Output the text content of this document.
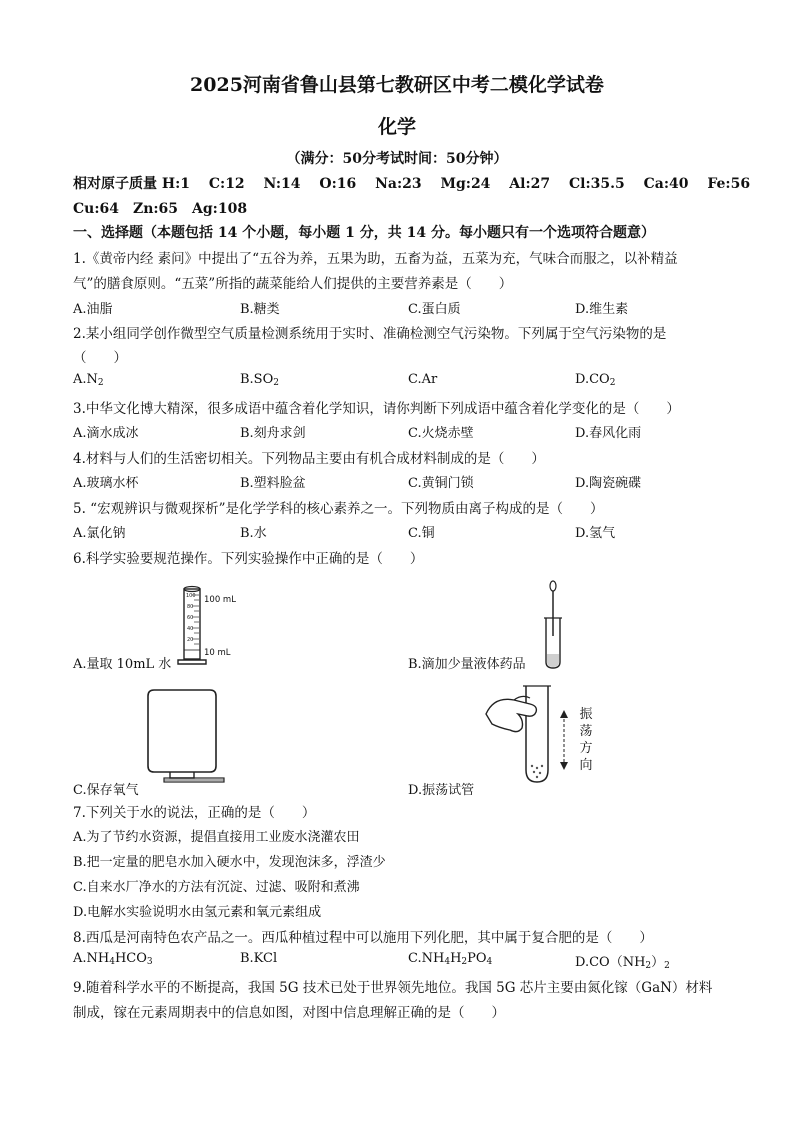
2025河南省鲁山县第七教研区中考二模化学试卷
化学
（满分：50分考试时间：50分钟）
相对原子质量 H:1　 C:12　 N:14　 O:16　 Na:23　 Mg:24　 Al:27　 Cl:35.5　 Ca:40　 Fe:56
Cu:64　Zn:65　Ag:108
一、选择题（本题包括 14 个小题，每小题 1 分，共 14 分。每小题只有一个选项符合题意）
1.《黄帝内经 素问》中提出了“五谷为养，五果为助，五畜为益，五菜为充，气味合而服之，以补精益
气”的膳食原则。“五菜”所指的蔬菜能给人们提供的主要营养素是（　　）
A.油脂	B.糖类	C.蛋白质	D.维生素
2.某小组同学创作微型空气质量检测系统用于实时、准确检测空气污染物。下列属于空气污染物的是
（　　）
$A.N_2$	$B.SO_2$	C.Ar	$D.CO_2$
3.中华文化博大精深，很多成语中蕴含着化学知识，请你判断下列成语中蕴含着化学变化的是（　　）
A.滴水成冰	B.刻舟求剑	C.火烧赤壁	D.春风化雨
4.材料与人们的生活密切相关。下列物品主要由有机合成材料制成的是（　　）
A.玻璃水杯	B.塑料脸盆	C.黄铜门锁	D.陶瓷碗碟
5. “宏观辨识与微观探析”是化学学科的核心素养之一。下列物质由离子构成的是（　　）
A.氯化钠	B.水	C.铜	D.氢气
6.科学实验要规范操作。下列实验操作中正确的是（　　）
100
80
60
40
20
100 mL
10 mL
A.量取 10mL 水	B.滴加少量液体药品
C.保存氧气
振
荡
方
向
D.振荡试管
7.下列关于水的说法，正确的是（　　）
A.为了节约水资源，提倡直接用工业废水浇灌农田
B.把一定量的肥皂水加入硬水中，发现泡沫多，浮渣少
C.自来水厂净水的方法有沉淀、过滤、吸附和煮沸
D.电解水实验说明水由氢元素和氧元素组成
8.西瓜是河南特色农产品之一。西瓜种植过程中可以施用下列化肥，其中属于复合肥的是（　　）
$A.NH_4HCO_3$	B.KCl	$C.NH_4H_2PO_4$	$D.CO(NH_2)_2$
9.随着科学水平的不断提高，我国 5G 技术已处于世界领先地位。我国 5G 芯片主要由氮化镓（GaN）材料
制成，镓在元素周期表中的信息如图，对图中信息理解正确的是（　　）
